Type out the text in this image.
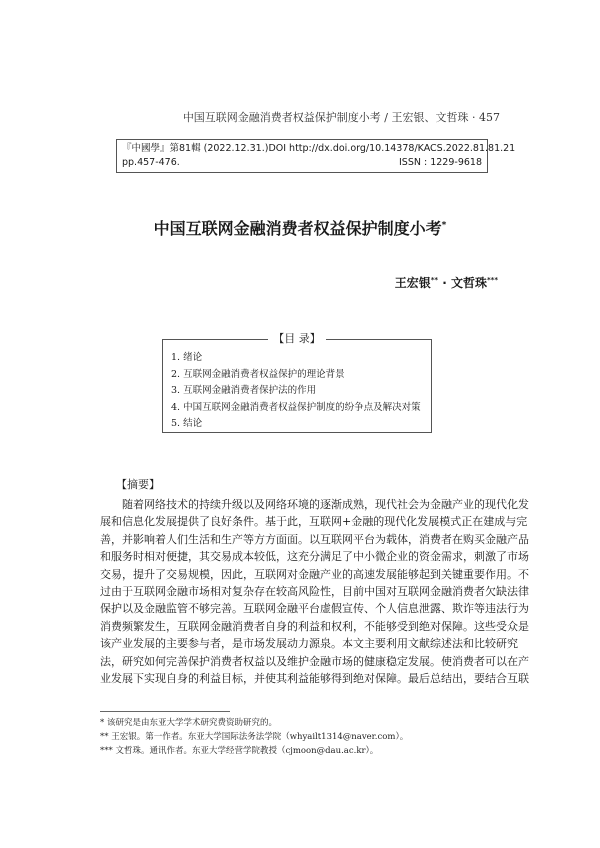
中国互联网金融消费者权益保护制度小考 / 王宏银、文哲珠 · 457
『中國學』第81輯 (2022.12.31.) DOI http://dx.doi.org/10.14378/KACS.2022.81.81.21
pp.457-476.	ISSN : 1229-9618
中国互联网金融消费者权益保护制度小考*
王宏银** · 文哲珠***
【目 录】
1. 绪论
2. 互联网金融消费者权益保护的理论背景
3. 互联网金融消费者保护法的作用
4. 中国互联网金融消费者权益保护制度的纷争点及解决对策
5. 结论
【摘要】
随着网络技术的持续升级以及网络环境的逐渐成熟，现代社会为金融产业的现代化发
展和信息化发展提供了良好条件。基于此，互联网+金融的现代化发展模式正在建成与完
善，并影响着人们生活和生产等方方面面。以互联网平台为载体，消费者在购买金融产品
和服务时相对便捷，其交易成本较低，这充分满足了中小微企业的资金需求，刺激了市场
交易，提升了交易规模，因此，互联网对金融产业的高速发展能够起到关键重要作用。不
过由于互联网金融市场相对复杂存在较高风险性，目前中国对互联网金融消费者欠缺法律
保护以及金融监管不够完善。互联网金融平台虚假宣传、个人信息泄露、欺诈等违法行为
消费频繁发生，互联网金融消费者自身的利益和权利，不能够受到绝对保障。这些受众是
该产业发展的主要参与者，是市场发展动力源泉。本文主要利用文献综述法和比较研究
法，研究如何完善保护消费者权益以及维护金融市场的健康稳定发展。使消费者可以在产
业发展下实现自身的利益目标，并使其利益能够得到绝对保障。最后总结出，要结合互联
* 该研究是由东亚大学学术研究费资助研究的。
** 王宏银。第一作者。东亚大学国际法务法学院（whyailt1314@naver.com）。
*** 文哲珠。通讯作者。东亚大学经营学院教授（cjmoon@dau.ac.kr）。
